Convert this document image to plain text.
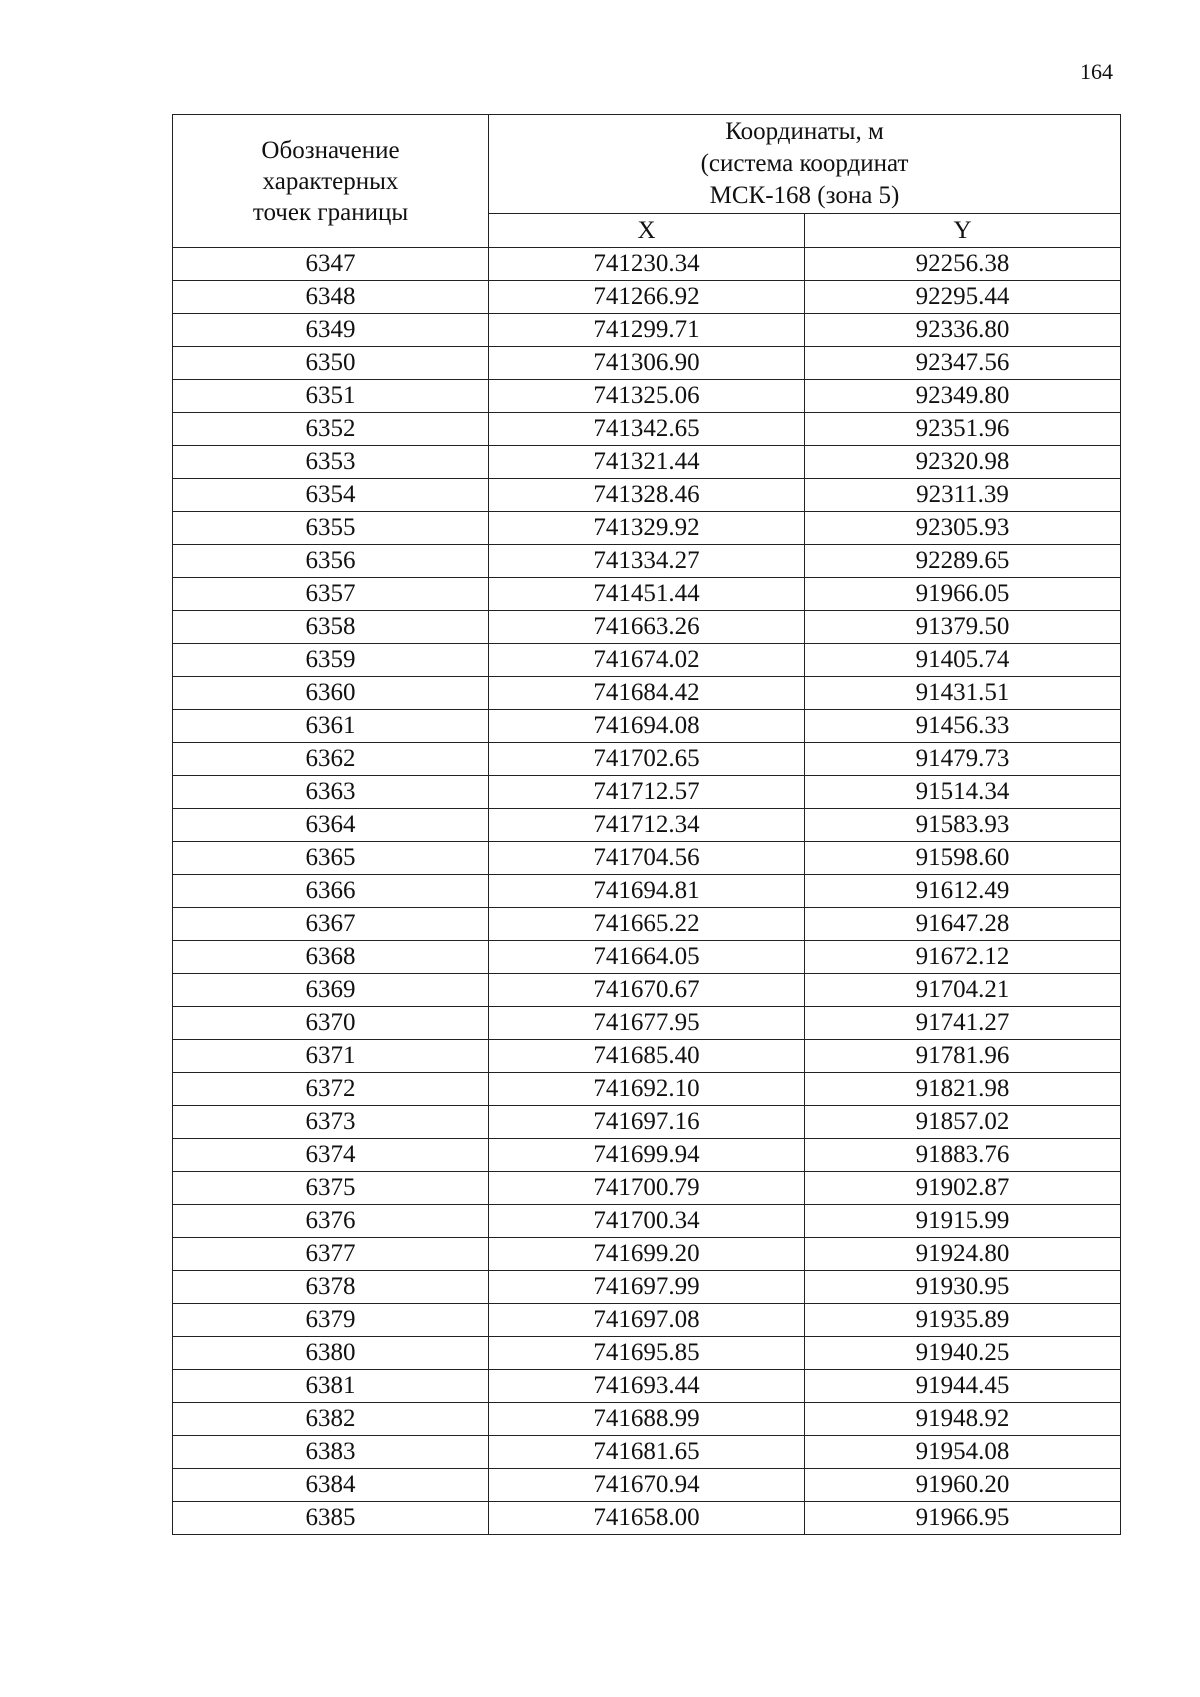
164
Обозначение
характерных
точек границы	Координаты, м
(система координат
МСК-168 (зона 5)	

	X	Y
6347	741230.34	92256.38
6348	741266.92	92295.44
6349	741299.71	92336.80
6350	741306.90	92347.56
6351	741325.06	92349.80
6352	741342.65	92351.96
6353	741321.44	92320.98
6354	741328.46	92311.39
6355	741329.92	92305.93
6356	741334.27	92289.65
6357	741451.44	91966.05
6358	741663.26	91379.50
6359	741674.02	91405.74
6360	741684.42	91431.51
6361	741694.08	91456.33
6362	741702.65	91479.73
6363	741712.57	91514.34
6364	741712.34	91583.93
6365	741704.56	91598.60
6366	741694.81	91612.49
6367	741665.22	91647.28
6368	741664.05	91672.12
6369	741670.67	91704.21
6370	741677.95	91741.27
6371	741685.40	91781.96
6372	741692.10	91821.98
6373	741697.16	91857.02
6374	741699.94	91883.76
6375	741700.79	91902.87
6376	741700.34	91915.99
6377	741699.20	91924.80
6378	741697.99	91930.95
6379	741697.08	91935.89
6380	741695.85	91940.25
6381	741693.44	91944.45
6382	741688.99	91948.92
6383	741681.65	91954.08
6384	741670.94	91960.20
6385	741658.00	91966.95
